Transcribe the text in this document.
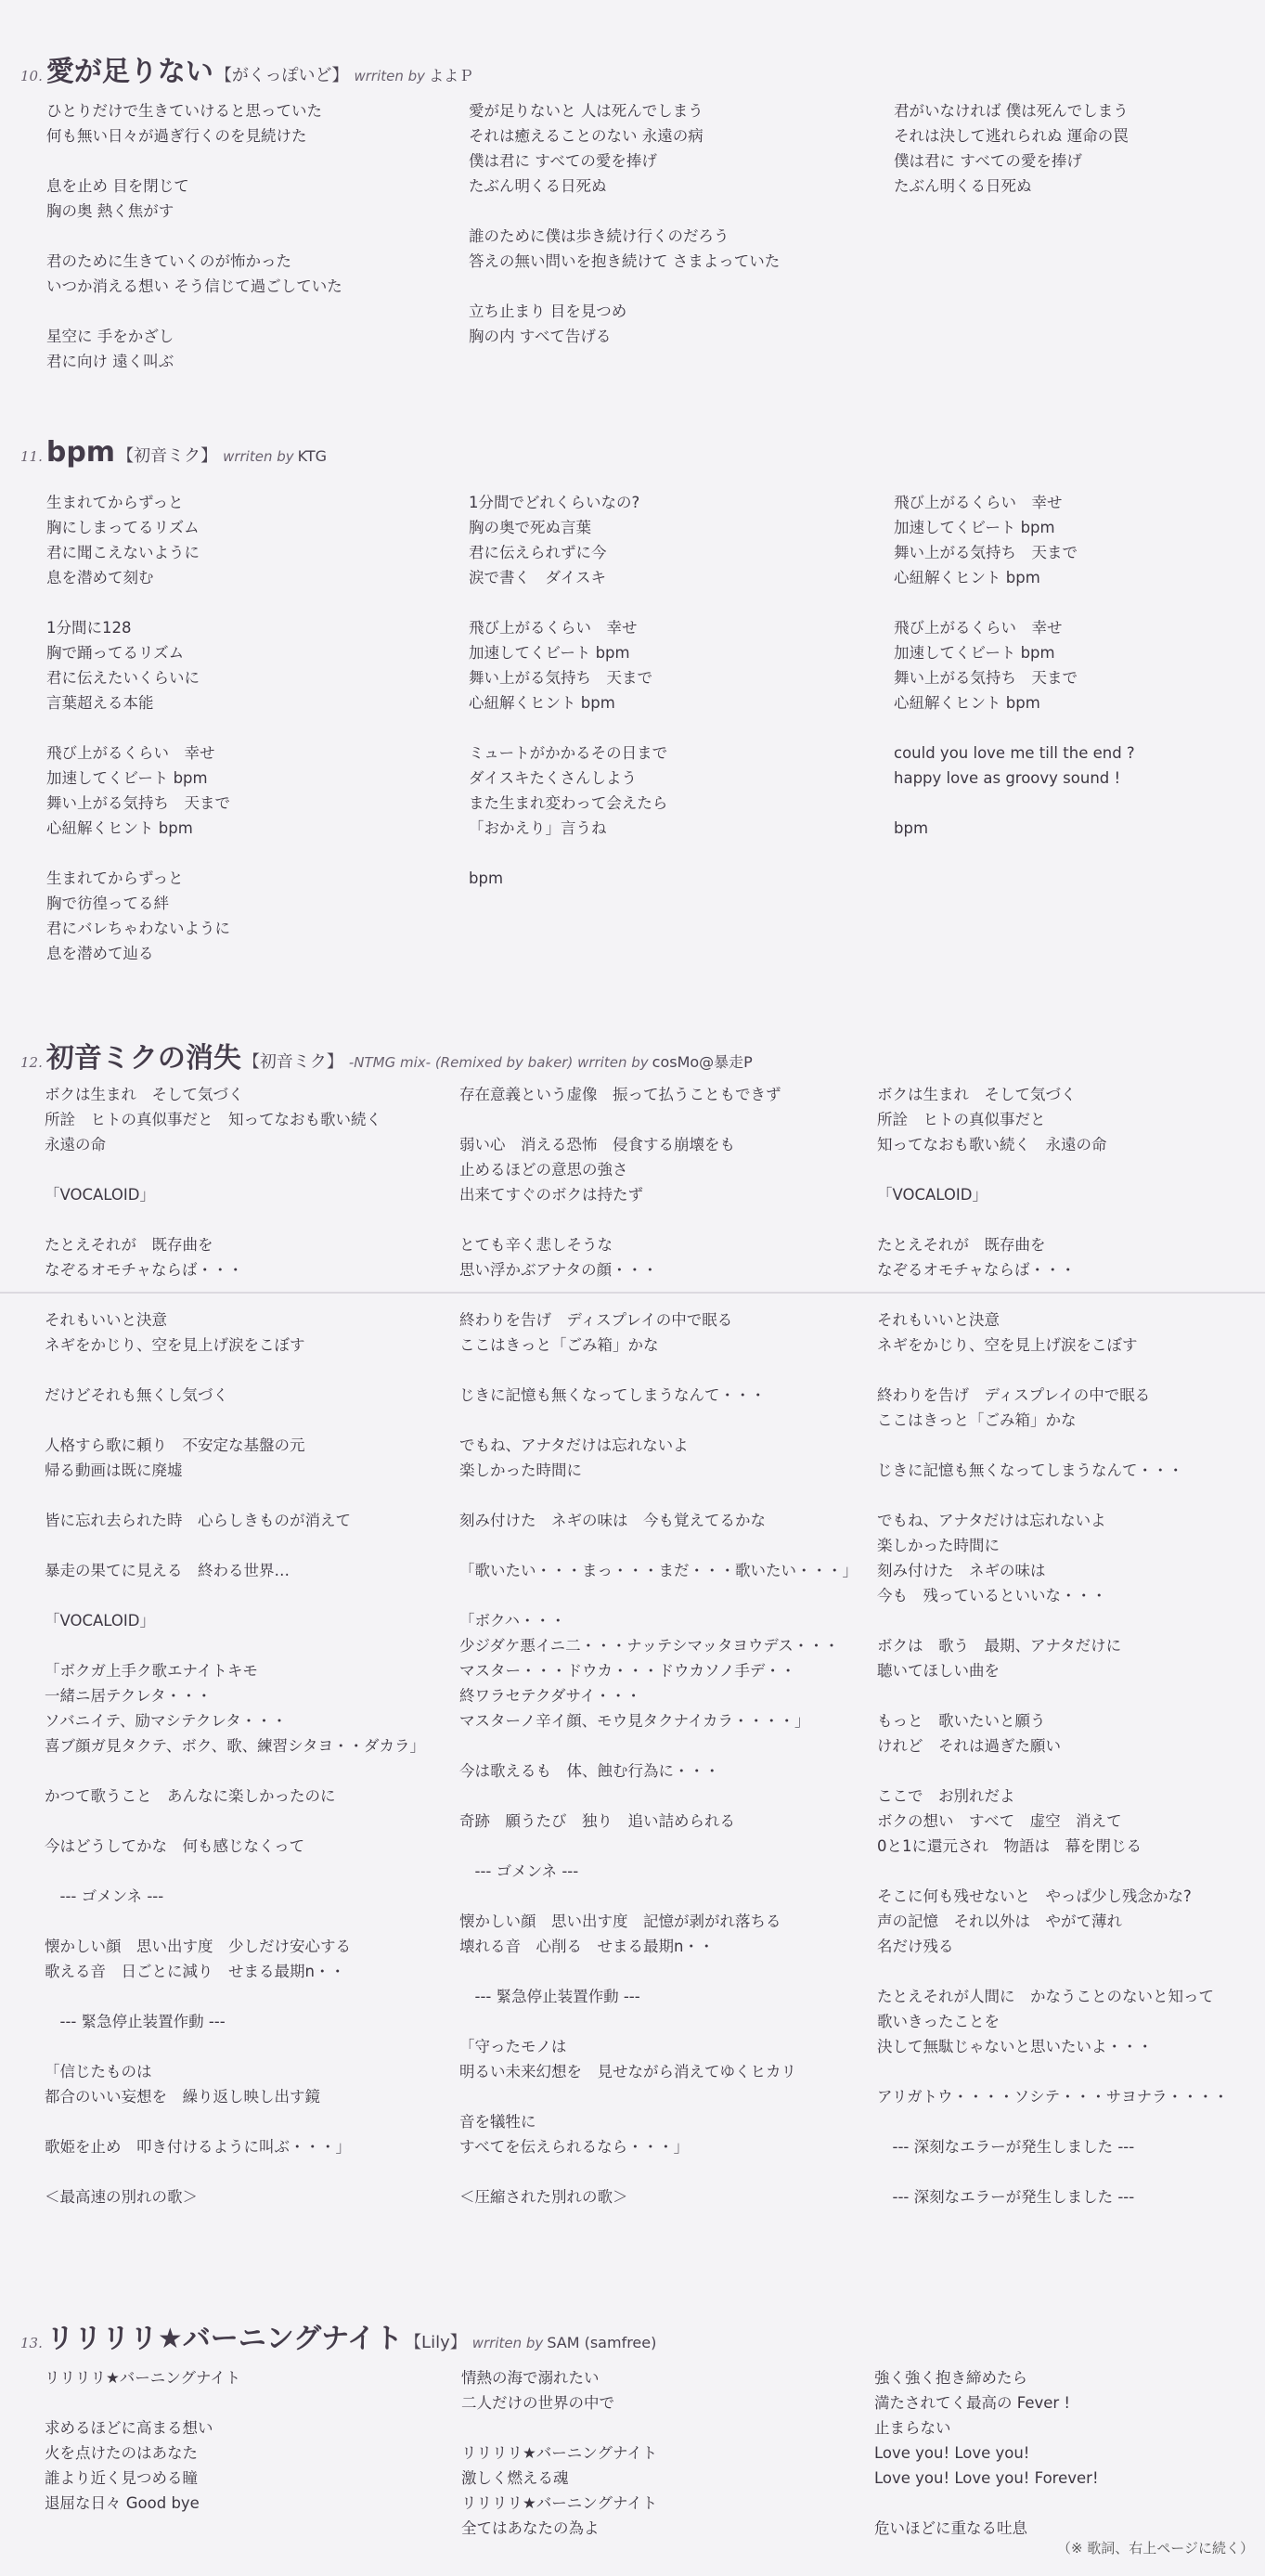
10. 愛が足りない 【がくっぽいど】 wrriten by よよＰ
ひとりだけで生きていけると思っていた
何も無い日々が過ぎ行くのを見続けた
息を止め 目を閉じて
胸の奥 熱く焦がす
君のために生きていくのが怖かった
いつか消える想い そう信じて過ごしていた
星空に 手をかざし
君に向け 遠く叫ぶ
愛が足りないと 人は死んでしまう
それは癒えることのない 永遠の病
僕は君に すべての愛を捧げ
たぶん明くる日死ぬ
誰のために僕は歩き続け行くのだろう
答えの無い問いを抱き続けて さまよっていた
立ち止まり 目を見つめ
胸の内 すべて告げる
君がいなければ 僕は死んでしまう
それは決して逃れられぬ 運命の罠
僕は君に すべての愛を捧げ
たぶん明くる日死ぬ
11. bpm 【初音ミク】 wrriten by KTG
生まれてからずっと
胸にしまってるリズム
君に聞こえないように
息を潜めて刻む
1分間に128
胸で踊ってるリズム
君に伝えたいくらいに
言葉超える本能
飛び上がるくらい　幸せ
加速してくビート bpm
舞い上がる気持ち　天まで
心紐解くヒント bpm
生まれてからずっと
胸で彷徨ってる絆
君にバレちゃわないように
息を潜めて辿る
1分間でどれくらいなの?
胸の奥で死ぬ言葉
君に伝えられずに今
涙で書く　ダイスキ
飛び上がるくらい　幸せ
加速してくビート bpm
舞い上がる気持ち　天まで
心紐解くヒント bpm
ミュートがかかるその日まで
ダイスキたくさんしよう
また生まれ変わって会えたら
「おかえり」言うね
bpm
飛び上がるくらい　幸せ
加速してくビート bpm
舞い上がる気持ち　天まで
心紐解くヒント bpm
飛び上がるくらい　幸せ
加速してくビート bpm
舞い上がる気持ち　天まで
心紐解くヒント bpm
could you love me till the end ?
happy love as groovy sound !
bpm
12. 初音ミクの消失 【初音ミク】 -NTMG mix- (Remixed by baker) wrriten by cosMo@暴走P
ボクは生まれ　そして気づく
所詮　ヒトの真似事だと　知ってなおも歌い続く
永遠の命
「VOCALOID」
たとえそれが　既存曲を
なぞるオモチャならば・・・
それもいいと決意
ネギをかじり、空を見上げ涙をこぼす
だけどそれも無くし気づく
人格すら歌に頼り　不安定な基盤の元
帰る動画は既に廃墟
皆に忘れ去られた時　心らしきものが消えて
暴走の果てに見える　終わる世界…
「VOCALOID」
「ボクガ上手ク歌エナイトキモ
一緒ニ居テクレタ・・・
ソバニイテ、励マシテクレタ・・・
喜ブ顔ガ見タクテ、ボク、歌、練習シタヨ・・ダカラ」
かつて歌うこと　あんなに楽しかったのに
今はどうしてかな　何も感じなくって
　--- ゴメンネ ---
懐かしい顔　思い出す度　少しだけ安心する
歌える音　日ごとに減り　せまる最期n・・
　--- 緊急停止装置作動 ---
「信じたものは
都合のいい妄想を　繰り返し映し出す鏡
歌姫を止め　叩き付けるように叫ぶ・・・」
＜最高速の別れの歌＞
存在意義という虚像　振って払うこともできず
弱い心　消える恐怖　侵食する崩壊をも
止めるほどの意思の強さ
出来てすぐのボクは持たず
とても辛く悲しそうな
思い浮かぶアナタの顔・・・
終わりを告げ　ディスプレイの中で眠る
ここはきっと「ごみ箱」かな
じきに記憶も無くなってしまうなんて・・・
でもね、アナタだけは忘れないよ
楽しかった時間に
刻み付けた　ネギの味は　今も覚えてるかな
「歌いたい・・・まっ・・・まだ・・・歌いたい・・・」
「ボクハ・・・
少ジダケ悪イニ二・・・ナッテシマッタヨウデス・・・
マスター・・・ドウカ・・・ドウカソノ手デ・・
終ワラセテクダサイ・・・
マスターノ辛イ顔、モウ見タクナイカラ・・・・」
今は歌えるも　体、蝕む行為に・・・
奇跡　願うたび　独り　追い詰められる
　--- ゴメンネ ---
懐かしい顔　思い出す度　記憶が剥がれ落ちる
壊れる音　心削る　せまる最期n・・
　--- 緊急停止装置作動 ---
「守ったモノは
明るい未来幻想を　見せながら消えてゆくヒカリ
音を犠牲に
すべてを伝えられるなら・・・」
＜圧縮された別れの歌＞
ボクは生まれ　そして気づく
所詮　ヒトの真似事だと
知ってなおも歌い続く　永遠の命
「VOCALOID」
たとえそれが　既存曲を
なぞるオモチャならば・・・
それもいいと決意
ネギをかじり、空を見上げ涙をこぼす
終わりを告げ　ディスプレイの中で眠る
ここはきっと「ごみ箱」かな
じきに記憶も無くなってしまうなんて・・・
でもね、アナタだけは忘れないよ
楽しかった時間に
刻み付けた　ネギの味は
今も　残っているといいな・・・
ボクは　歌う　最期、アナタだけに
聴いてほしい曲を
もっと　歌いたいと願う
けれど　それは過ぎた願い
ここで　お別れだよ
ボクの想い　すべて　虚空　消えて
0と1に還元され　物語は　幕を閉じる
そこに何も残せないと　やっぱ少し残念かな?
声の記憶　それ以外は　やがて薄れ
名だけ残る
たとえそれが人間に　かなうことのないと知って
歌いきったことを
決して無駄じゃないと思いたいよ・・・
アリガトウ・・・・ソシテ・・・サヨナラ・・・・
　--- 深刻なエラーが発生しました ---
　--- 深刻なエラーが発生しました ---
13. リリリリ★バーニングナイト 【Lily】 wrriten by SAM (samfree)
リリリリ★バーニングナイト
求めるほどに高まる想い
火を点けたのはあなた
誰より近く見つめる瞳
退屈な日々 Good bye
情熱の海で溺れたい
二人だけの世界の中で
リリリリ★バーニングナイト
激しく燃える魂
リリリリ★バーニングナイト
全てはあなたの為よ
強く強く抱き締めたら
満たされてく最高の Fever !
止まらない
Love you! Love you!
Love you! Love you! Forever!
危いほどに重なる吐息
（※ 歌詞、右上ページに続く）
